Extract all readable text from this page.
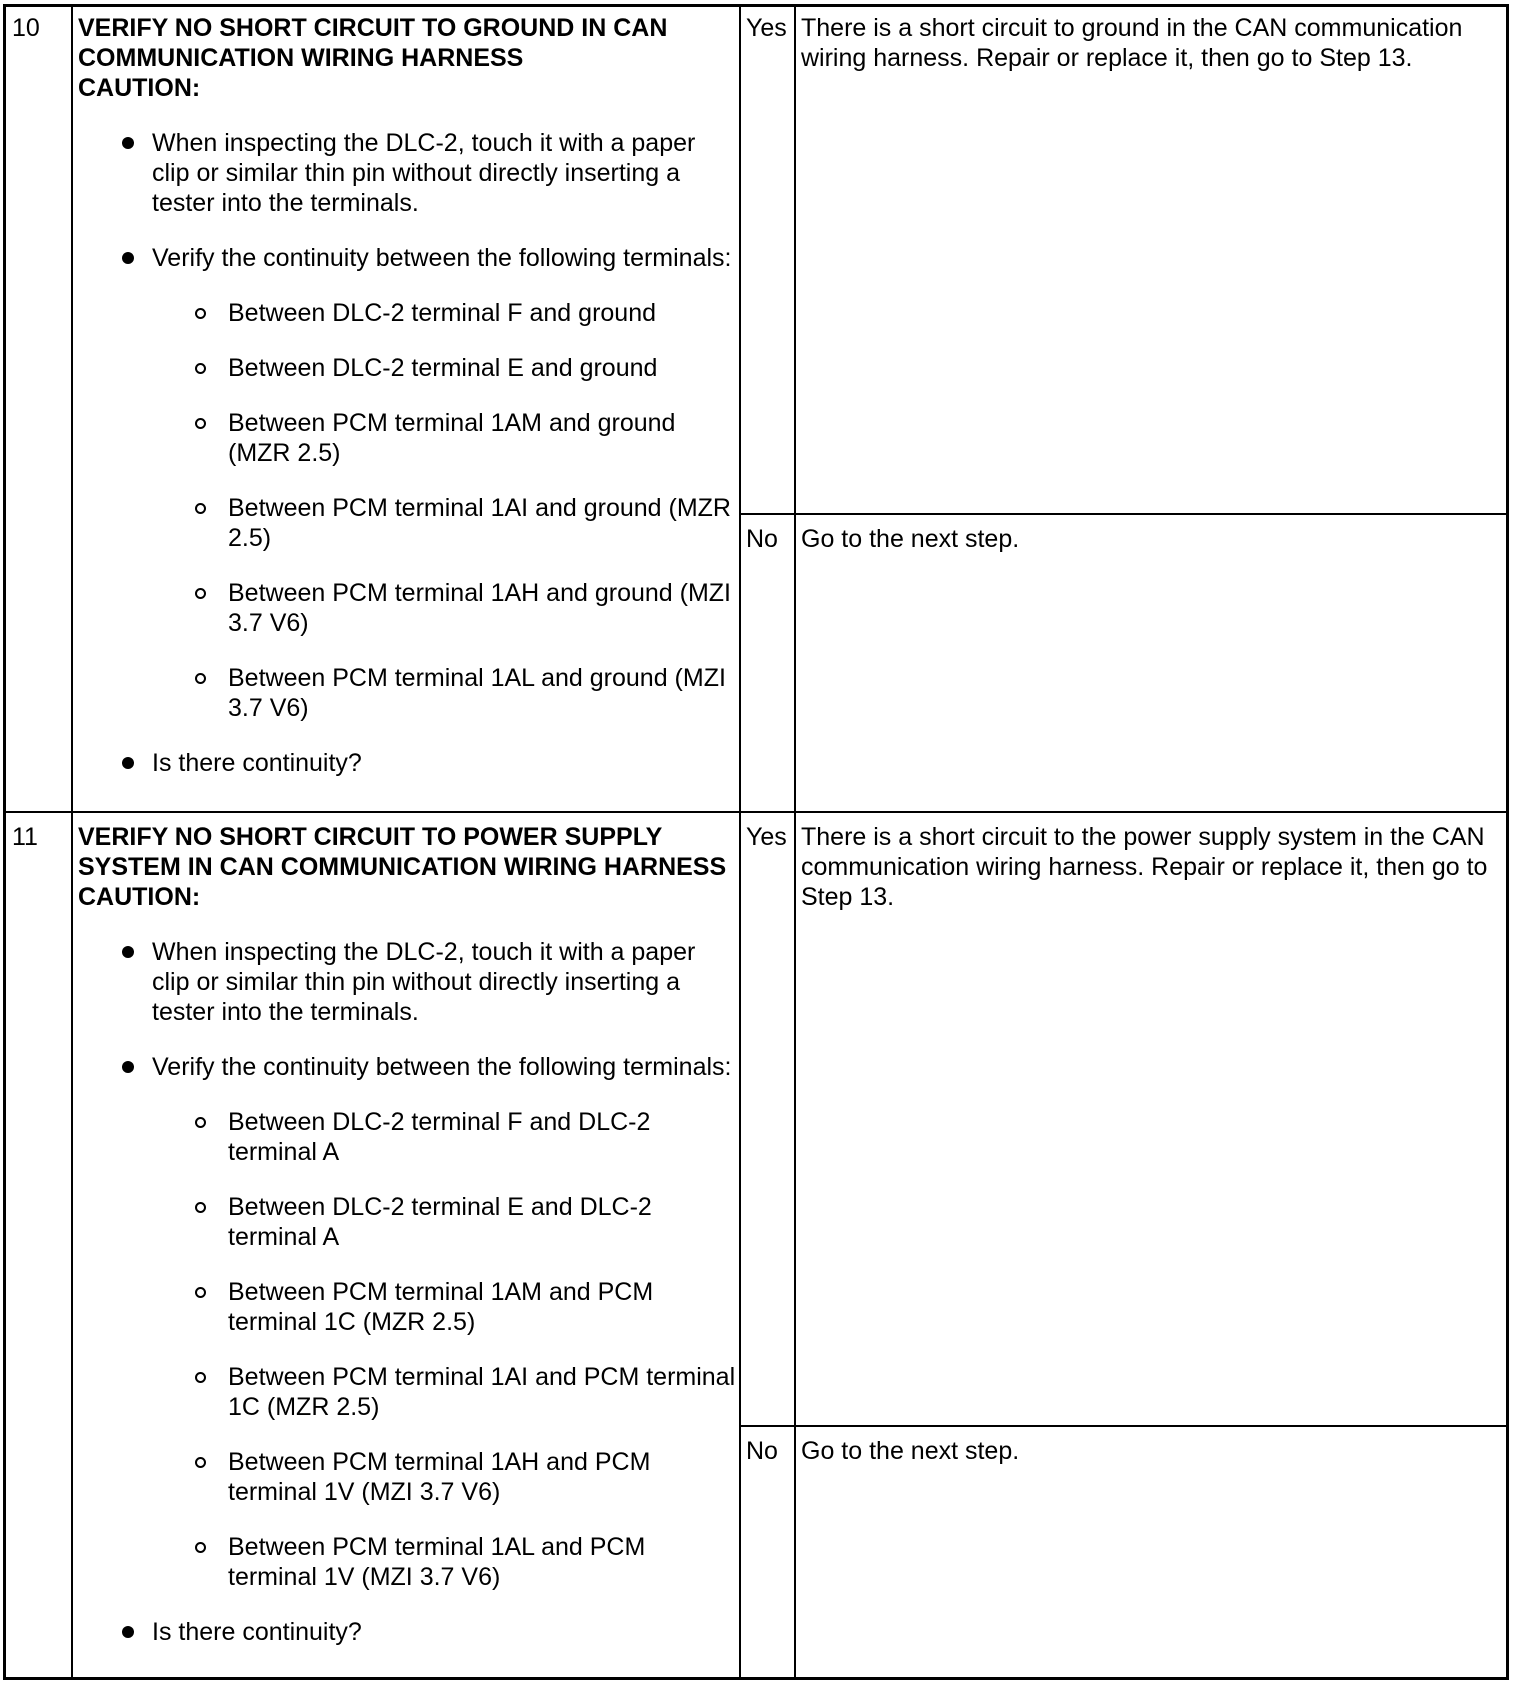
10 VERIFY NO SHORT CIRCUIT TO GROUND IN CAN
COMMUNICATION WIRING HARNESS
CAUTION:
When inspecting the DLC-2, touch it with a paper clip or similar thin pin without directly inserting a tester into the terminals.
Verify the continuity between the following terminals:
Between DLC-2 terminal F and ground
Between DLC-2 terminal E and ground
Between PCM terminal 1AM and ground (MZR 2.5)
Between PCM terminal 1AI and ground (MZR 2.5)
Between PCM terminal 1AH and ground (MZI 3.7 V6)
Between PCM terminal 1AL and ground (MZI 3.7 V6)
Is there continuity?
Yes There is a short circuit to ground in the CAN communication wiring harness. Repair or replace it, then go to Step 13.
No Go to the next step.
11 VERIFY NO SHORT CIRCUIT TO POWER SUPPLY
SYSTEM IN CAN COMMUNICATION WIRING HARNESS
CAUTION:
When inspecting the DLC-2, touch it with a paper clip or similar thin pin without directly inserting a tester into the terminals.
Verify the continuity between the following terminals:
Between DLC-2 terminal F and DLC-2 terminal A
Between DLC-2 terminal E and DLC-2 terminal A
Between PCM terminal 1AM and PCM terminal 1C (MZR 2.5)
Between PCM terminal 1AI and PCM terminal 1C (MZR 2.5)
Between PCM terminal 1AH and PCM terminal 1V (MZI 3.7 V6)
Between PCM terminal 1AL and PCM terminal 1V (MZI 3.7 V6)
Is there continuity?
Yes There is a short circuit to the power supply system in the CAN communication wiring harness. Repair or replace it, then go to Step 13.
No Go to the next step.
